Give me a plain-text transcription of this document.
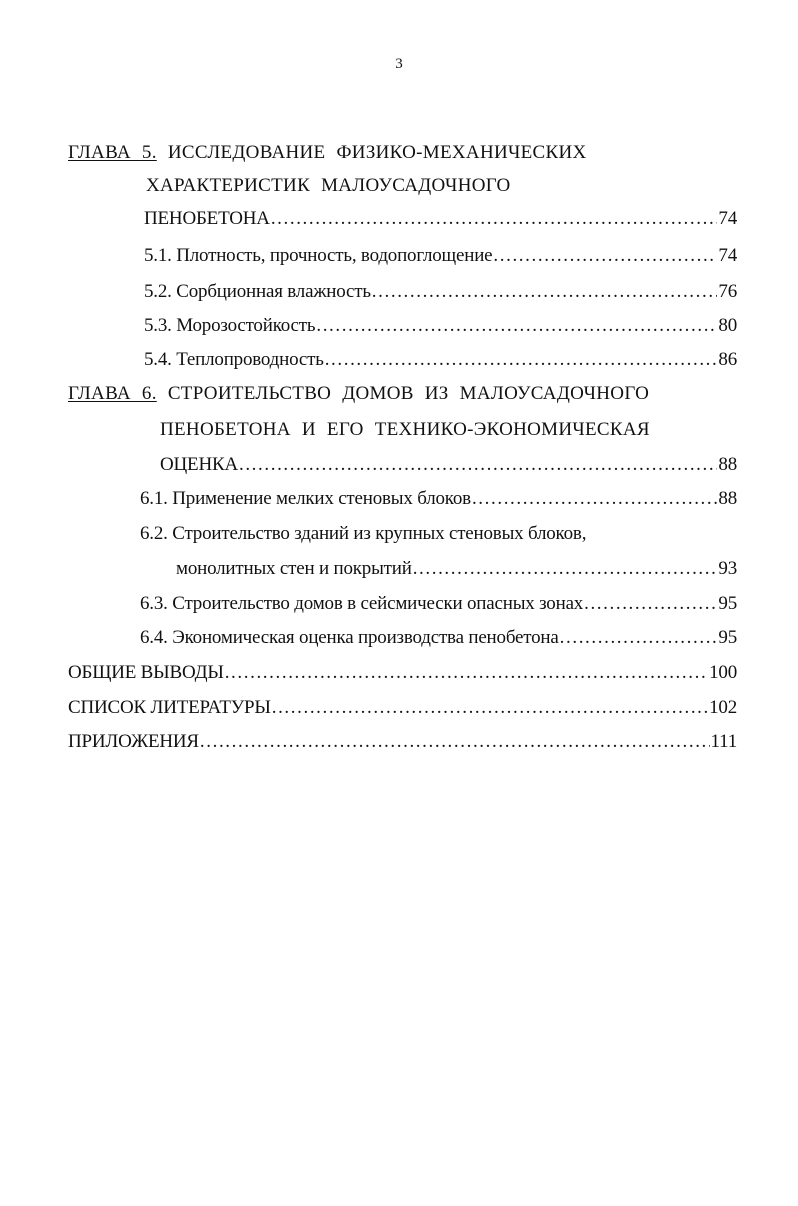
3
ГЛАВА 5. ИССЛЕДОВАНИЕ ФИЗИКО-МЕХАНИЧЕСКИХ
ХАРАКТЕРИСТИК МАЛОУСАДОЧНОГО
ПЕНОБЕТОНА .....	74
5.1. Плотность, прочность, водопоглощение .....	74
5.2. Сорбционная влажность .....	76
5.3. Морозостойкость .....	80
5.4. Теплопроводность .....	86
ГЛАВА 6. СТРОИТЕЛЬСТВО ДОМОВ ИЗ МАЛОУСАДОЧНОГО
ПЕНОБЕТОНА И ЕГО ТЕХНИКО-ЭКОНОМИЧЕСКАЯ
ОЦЕНКА .....	88
6.1. Применение мелких стеновых блоков .....	88
6.2. Строительство зданий из крупных стеновых блоков,
монолитных стен и покрытий .....	93
6.3. Строительство домов в сейсмически опасных зонах .....	95
6.4. Экономическая оценка производства пенобетона .....	95
ОБЩИЕ ВЫВОДЫ .....	100
СПИСОК ЛИТЕРАТУРЫ .....	102
ПРИЛОЖЕНИЯ .....	111
